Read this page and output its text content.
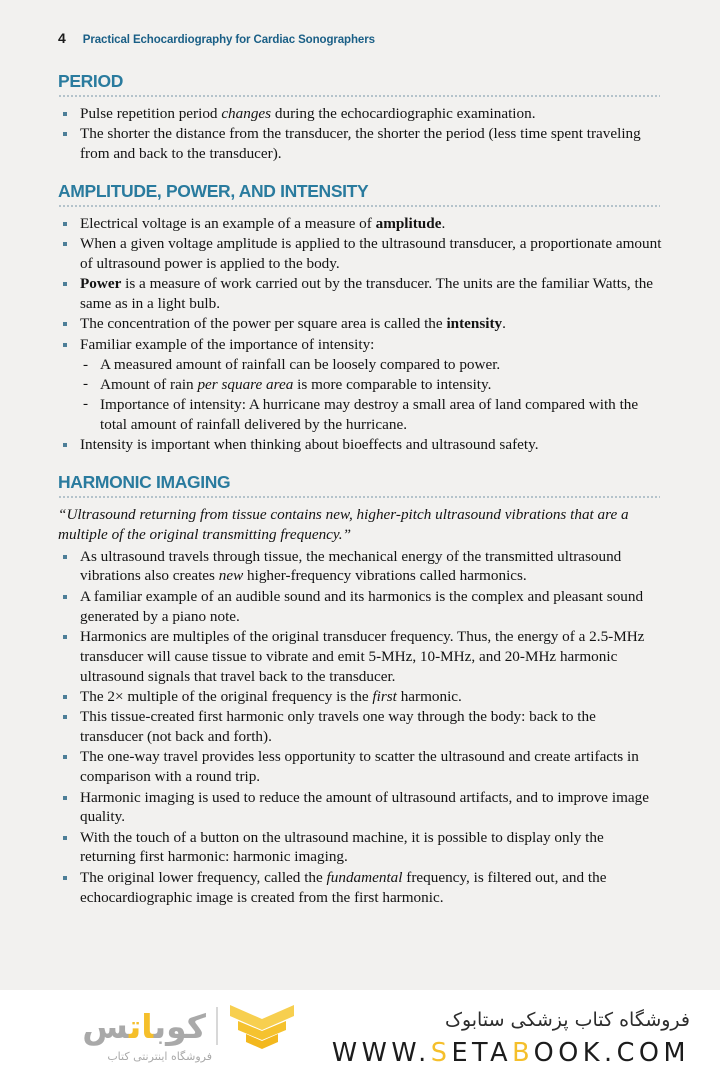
4 Practical Echocardiography for Cardiac Sonographers
PERIOD
Pulse repetition period changes during the echocardiographic examination.
The shorter the distance from the transducer, the shorter the period (less time spent traveling from and back to the transducer).
AMPLITUDE, POWER, AND INTENSITY
Electrical voltage is an example of a measure of amplitude.
When a given voltage amplitude is applied to the ultrasound transducer, a proportionate amount of ultrasound power is applied to the body.
Power is a measure of work carried out by the transducer. The units are the familiar Watts, the same as in a light bulb.
The concentration of the power per square area is called the intensity.
Familiar example of the importance of intensity:
- A measured amount of rainfall can be loosely compared to power.
- Amount of rain per square area is more comparable to intensity.
- Importance of intensity: A hurricane may destroy a small area of land compared with the total amount of rainfall delivered by the hurricane.
Intensity is important when thinking about bioeffects and ultrasound safety.
HARMONIC IMAGING

“Ultrasound returning from tissue contains new, higher-pitch ultrasound vibrations that are a multiple of the original transmitting frequency.”

As ultrasound travels through tissue, the mechanical energy of the transmitted ultrasound vibrations also creates new higher-frequency vibrations called harmonics.
A familiar example of an audible sound and its harmonics is the complex and pleasant sound generated by a piano note.
Harmonics are multiples of the original transducer frequency. Thus, the energy of a 2.5-MHz transducer will cause tissue to vibrate and emit 5-MHz, 10-MHz, and 20-MHz harmonic ultrasound signals that travel back to the transducer.
The 2× multiple of the original frequency is the first harmonic.
This tissue-created first harmonic only travels one way through the body: back to the transducer (not back and forth).
The one-way travel provides less opportunity to scatter the ultrasound and create artifacts in comparison with a round trip.
Harmonic imaging is used to reduce the amount of ultrasound artifacts, and to improve image quality.
With the touch of a button on the ultrasound machine, it is possible to display only the returning first harmonic: harmonic imaging.
The original lower frequency, called the fundamental frequency, is filtered out, and the echocardiographic image is created from the first harmonic.
کوباتس
فروشگاه اینترنتی کتاب
فروشگاه کتاب پزشکی ستابوک
WWW.SETABOOK.COM
